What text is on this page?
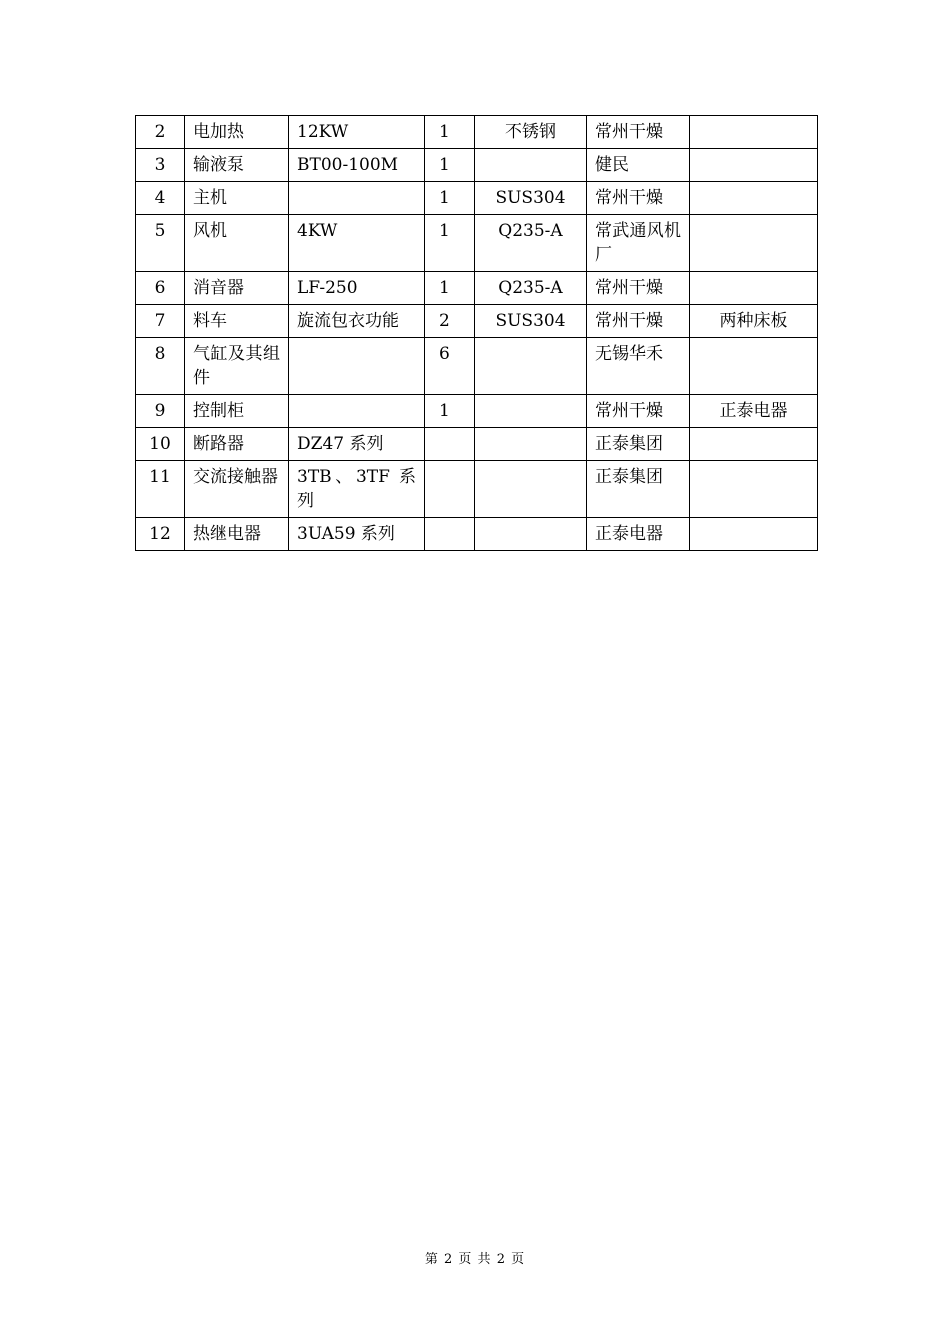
2	电加热	12KW	1	不锈钢	常州干燥	
3	输液泵	BT00-100M	1		健民	
4	主机		1	SUS304	常州干燥	
5	风机	4KW	1	Q235-A	常武通风机厂	
6	消音器	LF-250	1	Q235-A	常州干燥	
7	料车	旋流包衣功能	2	SUS304	常州干燥	两种床板
8	气缸及其组件		6		无锡华禾	
9	控制柜		1		常州干燥	正泰电器
10	断路器	DZ47 系列			正泰集团	
11	交流接触器	3TB、3TF 系列			正泰集团	
12	热继电器	3UA59 系列			正泰电器	
第 2 页 共 2 页
